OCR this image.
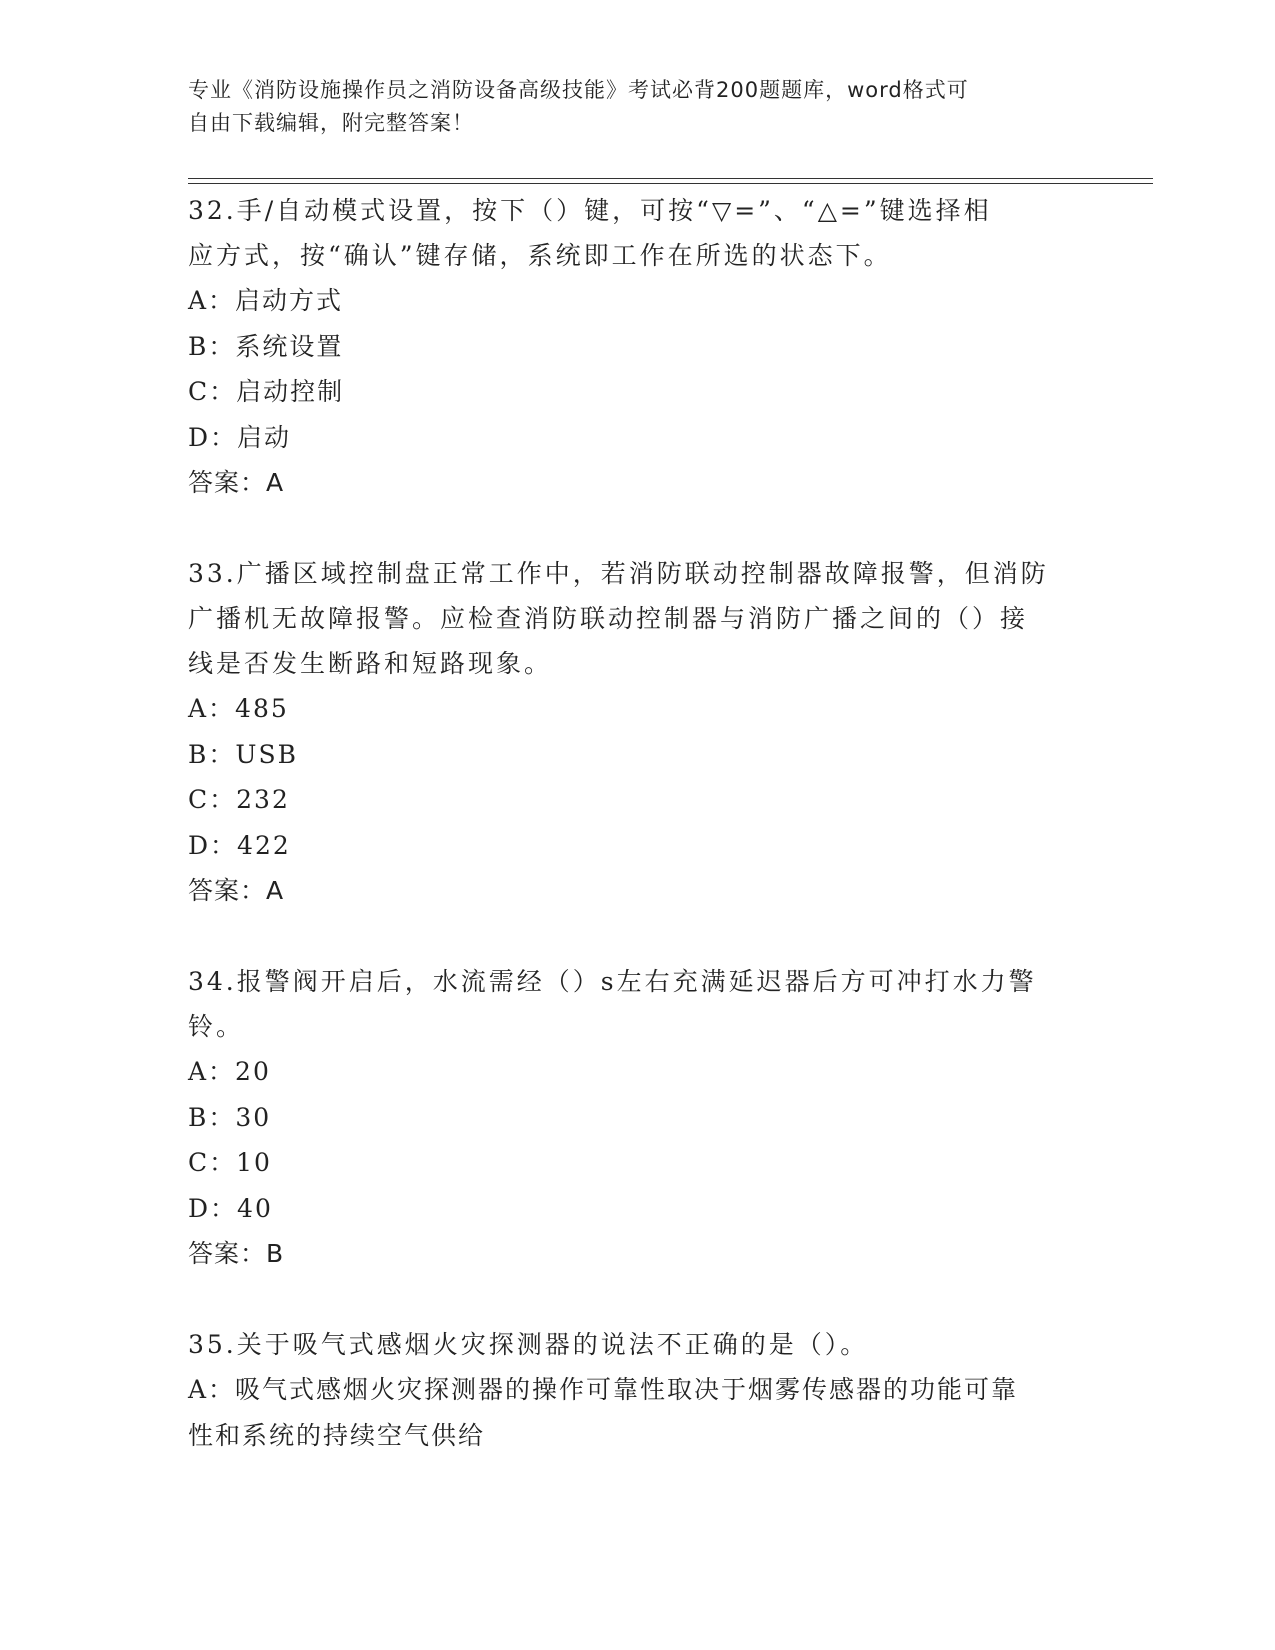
专业《消防设施操作员之消防设备高级技能》考试必背200题题库，word格式可
自由下载编辑，附完整答案！

32.手/自动模式设置，按下（）键，可按“▽=”、“△=”键选择相

应方式，按“确认”键存储，系统即工作在所选的状态下。

A：启动方式

B：系统设置

C：启动控制

D：启动

答案：A

33.广播区域控制盘正常工作中，若消防联动控制器故障报警，但消防

广播机无故障报警。应检查消防联动控制器与消防广播之间的（）接

线是否发生断路和短路现象。

A：485

B：USB

C：232

D：422

答案：A

34.报警阀开启后，水流需经（）s左右充满延迟器后方可冲打水力警

铃。

A：20

B：30

C：10

D：40

答案：B

35.关于吸气式感烟火灾探测器的说法不正确的是（）。

A：吸气式感烟火灾探测器的操作可靠性取决于烟雾传感器的功能可靠

性和系统的持续空气供给
